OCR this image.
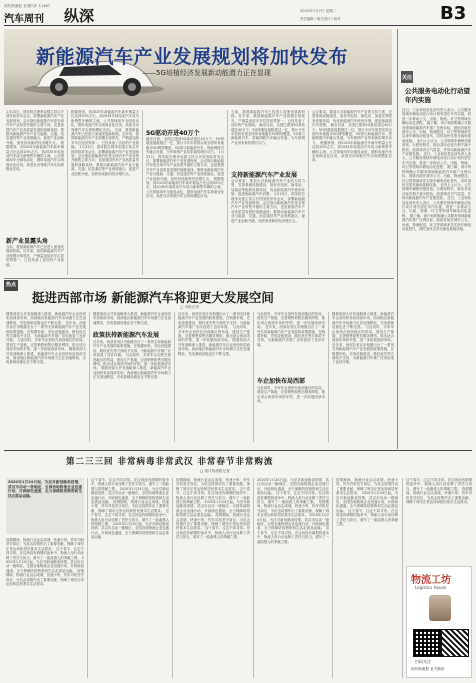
现代物流报 长城汽车 11467
汽车周刊 纵深	2020年7月7日 星期二
责任编辑 / 版式设计 / 校对	B3
新能源汽车产业发展规划将加快发布
——5G培植经济发展新动能潜力正在显现
1月23日，国务院总理李克强主持召开国务院常务会议，部署新能源汽车产业发展规划，会议指出新能源汽车是全球汽车产业转型升级的主要方向，也是我国汽车产业高质量发展的战略选择，要推动新能源汽车产业与能源、交通、信息通信等产业深度融合，促进产业创新升级，加快形成新的经济增长点。 根据规划，到2025年新能源汽车新车销量占比达到20%左右，到2035年纯电动汽车成为新销售车辆的主流，公共领域用车全面电动化，燃料电池汽车实现商业化应用，高度自动驾驶汽车实现规模化应用。
新产业显露头角
当前，我国新能源汽车已经进入加速发展新阶段。近年来，我国新能源汽车产业规模全球领先，产销量连续多年位居世界第一，已经具备了良好的产业基础。
根据规划，到2025年新能源汽车新车销量占比达到20%左右，到2035年纯电动汽车成为新销售车辆的主流，公共领域用车全面电动化，燃料电池汽车实现商业化应用，高度自动驾驶汽车实现规模化应用。 当前，我国新能源汽车已经进入加速发展新阶段。近年来，我国新能源汽车产业规模全球领先，产销量连续多年位居世界第一，已经具备了良好的产业基础。 1月23日，国务院总理李克强主持召开国务院常务会议，部署新能源汽车产业发展规划，会议指出新能源汽车是全球汽车产业转型升级的主要方向，也是我国汽车产业高质量发展的战略选择，要推动新能源汽车产业与能源、交通、信息通信等产业深度融合，促进产业创新升级，加快形成新的经济增长点。
5G驱动开进40万个
截至目前，全国已建成5G基站超过40万个，5G终端连接数超过一亿，预计今年年底将实现全国所有地级市5G网络覆盖，5G将与新能源汽车、智能网联汽车融合发展，为车联网产业带来新的增长动力。 1月23日，国务院总理李克强主持召开国务院常务会议，部署新能源汽车产业发展规划，会议指出新能源汽车是全球汽车产业转型升级的主要方向，也是我国汽车产业高质量发展的战略选择，要推动新能源汽车产业与能源、交通、信息通信等产业深度融合，促进产业创新升级，加快形成新的经济增长点。 根据规划，到2025年新能源汽车新车销量占比达到20%左右，到2035年纯电动汽车成为新销售车辆的主流，公共领域用车全面电动化，燃料电池汽车实现商业化应用，高度自动驾驶汽车实现规模化应用。
当前，我国新能源汽车已经进入加速发展新阶段。近年来，我国新能源汽车产业规模全球领先，产销量连续多年位居世界第一，已经具备了良好的产业基础。 截至目前，全国已建成5G基站超过40万个，5G终端连接数超过一亿，预计今年年底将实现全国所有地级市5G网络覆盖，5G将与新能源汽车、智能网联汽车融合发展，为车联网产业带来新的增长动力。
支持新能源汽车产业发展
会议要求，要加大对新能源汽车产业的支持力度，完善基础设施建设，加快充电桩、换电站、加氢站等配套设施布局，优化新能源汽车使用环境，促进新能源汽车消费。 1月23日，国务院总理李克强主持召开国务院常务会议，部署新能源汽车产业发展规划，会议指出新能源汽车是全球汽车产业转型升级的主要方向，也是我国汽车产业高质量发展的战略选择，要推动新能源汽车产业与能源、交通、信息通信等产业深度融合，促进产业创新升级，加快形成新的经济增长点。
会议要求，要加大对新能源汽车产业的支持力度，完善基础设施建设，加快充电桩、换电站、加氢站等配套设施布局，优化新能源汽车使用环境，促进新能源汽车消费。 截至目前，全国已建成5G基站超过40万个，5G终端连接数超过一亿，预计今年年底将实现全国所有地级市5G网络覆盖，5G将与新能源汽车、智能网联汽车融合发展，为车联网产业带来新的增长动力。 根据规划，到2025年新能源汽车新车销量占比达到20%左右，到2035年纯电动汽车成为新销售车辆的主流，公共领域用车全面电动化，燃料电池汽车实现商业化应用，高度自动驾驶汽车实现规模化应用。
关注
公共服务电动化行动望年内实施
近日，工业和信息化部负责人表示，公共服务领域车辆电动化行动计划有望在年内实施，将进一步推动公交、出租、物流、环卫等领域车辆电动化进程。 据了解，该计划将明确公共服务领域新能源汽车推广比例目标，鼓励各地在城市公交、出租、物流配送、环卫等领域率先实现车辆电动化替代，同时加快完善充换电基础设施。 业内人士认为，公共领域车辆使用强度高、行驶里程长，推动其电动化有利于减少排放、改善城市空气质量，并带动新能源汽车产业链发展。 近日，工业和信息化部负责人表示，公共服务领域车辆电动化行动计划有望在年内实施，将进一步推动公交、出租、物流、环卫等领域车辆电动化进程。 据了解，该计划将明确公共服务领域新能源汽车推广比例目标，鼓励各地在城市公交、出租、物流配送、环卫等领域率先实现车辆电动化替代，同时加快完善充换电基础设施。 业内人士认为，公共领域车辆使用强度高、行驶里程长，推动其电动化有利于减少排放、改善城市空气质量，并带动新能源汽车产业链发展。 近日，工业和信息化部负责人表示，公共服务领域车辆电动化行动计划有望在年内实施，将进一步推动公交、出租、物流、环卫等领域车辆电动化进程。 据了解，该计划将明确公共服务领域新能源汽车推广比例目标，鼓励各地在城市公交、出租、物流配送、环卫等领域率先实现车辆电动化替代，同时加快完善充换电基础设施。
热点
挺进西部市场 新能源汽车将迎更大发展空间
□ 本报记者
随着西部大开发战略深入推进，新能源汽车企业纷纷布局西部市场，西部地区新能源汽车市场潜力正在加速释放，充电基础设施也在不断完善。 近年来，西部各省区市相继出台了一系列支持新能源汽车产业发展的政策措施，在购置补贴、充电设施建设、路权优先等方面给予支持，为新能源汽车推广应用创造了良好环境。 与此同时，多家车企加快在西部地区的布局，建设生产基地，完善销售和售后服务网络，推出适合西部市场的车型，进一步拓展西部市场。 随着西部大开发战略深入推进，新能源汽车企业纷纷布局西部市场，西部地区新能源汽车市场潜力正在加速释放，充电基础设施也在不断完善。
随着西部大开发战略深入推进，新能源汽车企业纷纷布局西部市场，西部地区新能源汽车市场潜力正在加速释放，充电基础设施也在不断完善。
政策扶持新能源汽车发展
近年来，西部各省区市相继出台了一系列支持新能源汽车产业发展的政策措施，在购置补贴、充电设施建设、路权优先等方面给予支持，为新能源汽车推广应用创造了良好环境。 与此同时，多家车企加快在西部地区的布局，建设生产基地，完善销售和售后服务网络，推出适合西部市场的车型，进一步拓展西部市场。 随着西部大开发战略深入推进，新能源汽车企业纷纷布局西部市场，西部地区新能源汽车市场潜力正在加速释放，充电基础设施也在不断完善。
近年来，西部各省区市相继出台了一系列支持新能源汽车产业发展的政策措施，在购置补贴、充电设施建设、路权优先等方面给予支持，为新能源汽车推广应用创造了良好环境。 与此同时，多家车企加快在西部地区的布局，建设生产基地，完善销售和售后服务网络，推出适合西部市场的车型，进一步拓展西部市场。 随着西部大开发战略深入推进，新能源汽车企业纷纷布局西部市场，西部地区新能源汽车市场潜力正在加速释放，充电基础设施也在不断完善。
与此同时，多家车企加快在西部地区的布局，建设生产基地，完善销售和售后服务网络，推出适合西部市场的车型，进一步拓展西部市场。 近年来，西部各省区市相继出台了一系列支持新能源汽车产业发展的政策措施，在购置补贴、充电设施建设、路权优先等方面给予支持，为新能源汽车推广应用创造了良好环境。
车企加快布局西部
与此同时，多家车企加快在西部地区的布局，建设生产基地，完善销售和售后服务网络，推出适合西部市场的车型，进一步拓展西部市场。
随着西部大开发战略深入推进，新能源汽车企业纷纷布局西部市场，西部地区新能源汽车市场潜力正在加速释放，充电基础设施也在不断完善。 与此同时，多家车企加快在西部地区的布局，建设生产基地，完善销售和售后服务网络，推出适合西部市场的车型，进一步拓展西部市场。 近年来，西部各省区市相继出台了一系列支持新能源汽车产业发展的政策措施，在购置补贴、充电设施建设、路权优先等方面给予支持，为新能源汽车推广应用创造了良好环境。
第二三三回 非常病毒非常武汉 非常春节非常购流
□ 现代物流报记者
2020年1月24日起，为应对新冠肺炎疫情，武汉市启动一级响应，全国各地物流企业迅速行动，开辟绿色通道，全力保障防疫物资和生活必需品运输。
疫情期间，物流行业众志成城，快递小哥、货车司机坚守岗位，为抗击疫情作出了重要贡献，保障了城市正常运转和居民基本生活需求。 这个春节，注定不同寻常。在这场没有硝烟的战争中，物流人用行动诠释了责任与担当，谱写了一曲曲感人的奉献之歌。 2020年1月24日起，为应对新冠肺炎疫情，武汉市启动一级响应，全国各地物流企业迅速行动，开辟绿色通道，全力保障防疫物资和生活必需品运输。 疫情期间，物流行业众志成城，快递小哥、货车司机坚守岗位，为抗击疫情作出了重要贡献，保障了城市正常运转和居民基本生活需求。
这个春节，注定不同寻常。在这场没有硝烟的战争中，物流人用行动诠释了责任与担当，谱写了一曲曲感人的奉献之歌。 2020年1月24日起，为应对新冠肺炎疫情，武汉市启动一级响应，全国各地物流企业迅速行动，开辟绿色通道，全力保障防疫物资和生活必需品运输。 疫情期间，物流行业众志成城，快递小哥、货车司机坚守岗位，为抗击疫情作出了重要贡献，保障了城市正常运转和居民基本生活需求。 这个春节，注定不同寻常。在这场没有硝烟的战争中，物流人用行动诠释了责任与担当，谱写了一曲曲感人的奉献之歌。 2020年1月24日起，为应对新冠肺炎疫情，武汉市启动一级响应，全国各地物流企业迅速行动，开辟绿色通道，全力保障防疫物资和生活必需品运输。
疫情期间，物流行业众志成城，快递小哥、货车司机坚守岗位，为抗击疫情作出了重要贡献，保障了城市正常运转和居民基本生活需求。 这个春节，注定不同寻常。在这场没有硝烟的战争中，物流人用行动诠释了责任与担当，谱写了一曲曲感人的奉献之歌。 2020年1月24日起，为应对新冠肺炎疫情，武汉市启动一级响应，全国各地物流企业迅速行动，开辟绿色通道，全力保障防疫物资和生活必需品运输。 疫情期间，物流行业众志成城，快递小哥、货车司机坚守岗位，为抗击疫情作出了重要贡献，保障了城市正常运转和居民基本生活需求。 这个春节，注定不同寻常。在这场没有硝烟的战争中，物流人用行动诠释了责任与担当，谱写了一曲曲感人的奉献之歌。
2020年1月24日起，为应对新冠肺炎疫情，武汉市启动一级响应，全国各地物流企业迅速行动，开辟绿色通道，全力保障防疫物资和生活必需品运输。 这个春节，注定不同寻常。在这场没有硝烟的战争中，物流人用行动诠释了责任与担当，谱写了一曲曲感人的奉献之歌。 疫情期间，物流行业众志成城，快递小哥、货车司机坚守岗位，为抗击疫情作出了重要贡献，保障了城市正常运转和居民基本生活需求。 2020年1月24日起，为应对新冠肺炎疫情，武汉市启动一级响应，全国各地物流企业迅速行动，开辟绿色通道，全力保障防疫物资和生活必需品运输。 这个春节，注定不同寻常。在这场没有硝烟的战争中，物流人用行动诠释了责任与担当，谱写了一曲曲感人的奉献之歌。
疫情期间，物流行业众志成城，快递小哥、货车司机坚守岗位，为抗击疫情作出了重要贡献，保障了城市正常运转和居民基本生活需求。 2020年1月24日起，为应对新冠肺炎疫情，武汉市启动一级响应，全国各地物流企业迅速行动，开辟绿色通道，全力保障防疫物资和生活必需品运输。 这个春节，注定不同寻常。在这场没有硝烟的战争中，物流人用行动诠释了责任与担当，谱写了一曲曲感人的奉献之歌。
这个春节，注定不同寻常。在这场没有硝烟的战争中，物流人用行动诠释了责任与担当，谱写了一曲曲感人的奉献之歌。 疫情期间，物流行业众志成城，快递小哥、货车司机坚守岗位，为抗击疫情作出了重要贡献，保障了城市正常运转和居民基本生活需求。
物流工坊
Logistics House
扫码关注
现代物流报 官方微信
